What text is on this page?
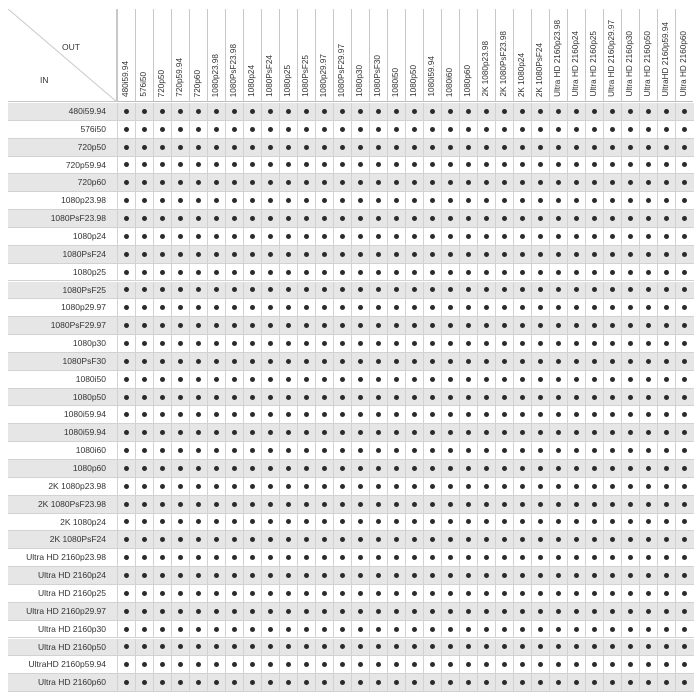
OUT
IN	480i59.94 576i50 720p50 720p59.94 720p60 1080p23.98 1080PsF23.98 1080p24 1080PsF24 1080p25 1080PsF25 1080p29.97 1080PsF29.97 1080p30 1080PsF30 1080i50 1080p50 1080i59.94 1080i60 1080p60 2K 1080p23.98 2K 1080PsF23.98 2K 1080p24 2K 1080PsF24 Ultra HD 2160p23.98 Ultra HD 2160p24 Ultra HD 2160p25 Ultra HD 2160p29.97 Ultra HD 2160p30 Ultra HD 2160p50 UltraHD 2160p59.94 Ultra HD 2160p60
480i59.94
576i50
720p50
720p59.94
720p60
1080p23.98
1080PsF23.98
1080p24
1080PsF24
1080p25
1080PsF25
1080p29.97
1080PsF29.97
1080p30
1080PsF30
1080i50
1080p50
1080i59.94
1080i59.94
1080i60
1080p60
2K 1080p23.98
2K 1080PsF23.98
2K 1080p24
2K 1080PsF24
Ultra HD 2160p23.98
Ultra HD 2160p24
Ultra HD 2160p25
Ultra HD 2160p29.97
Ultra HD 2160p30
Ultra HD 2160p50
UltraHD 2160p59.94
Ultra HD 2160p60
